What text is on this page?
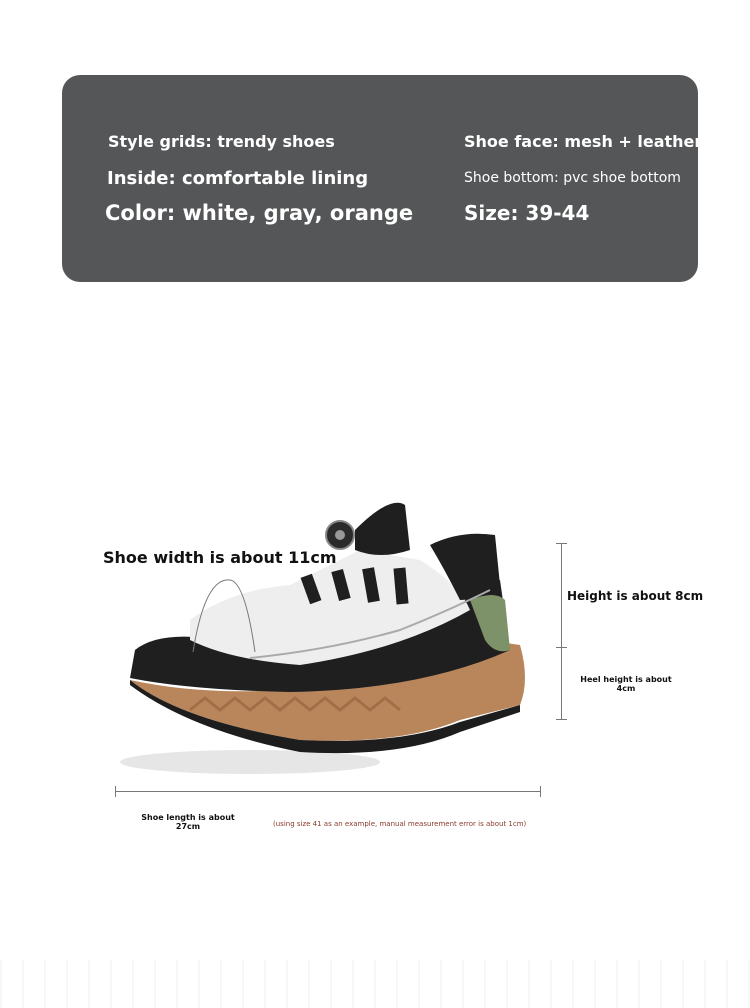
Style grids: trendy shoes	Shoe face: mesh + leather
Inside: comfortable lining	Shoe bottom: pvc shoe bottom
Color: white, gray, orange	Size: 39-44
Shoe width is about 11cm
Height is about 8cm
Heel height is about
4cm
Shoe length is about
27cm	(using size 41 as an example, manual measurement error is about 1cm)
